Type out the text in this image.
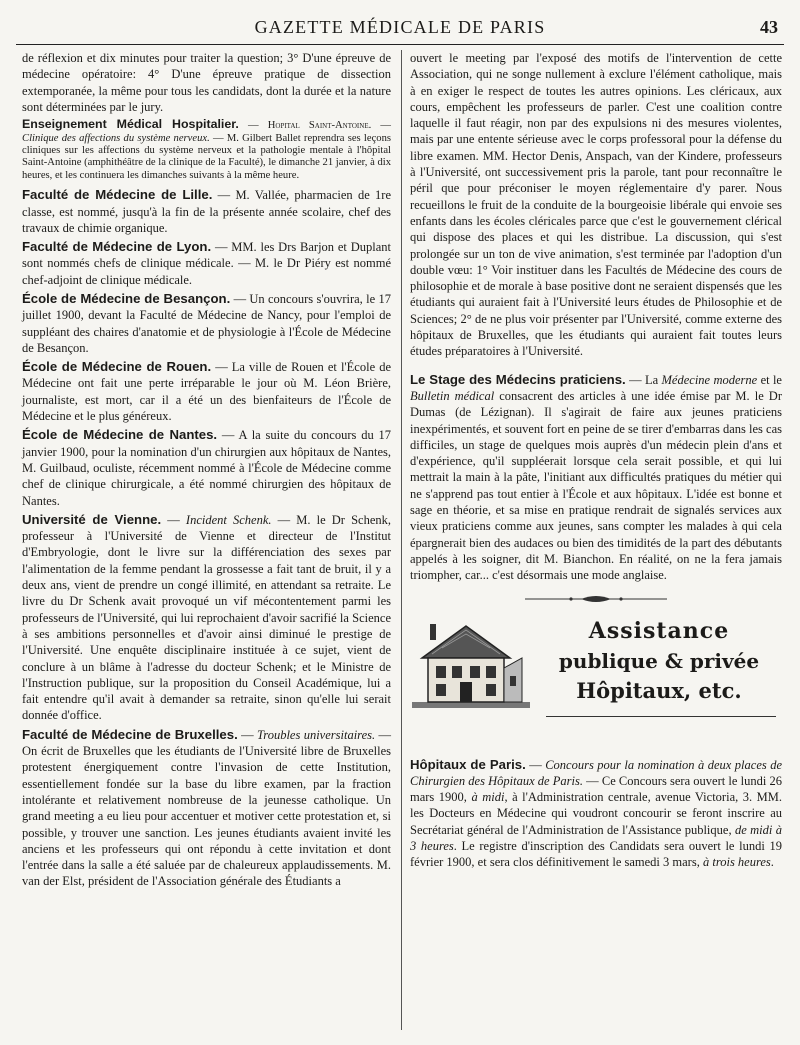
GAZETTE MÉDICALE DE PARIS	43

de réflexion et dix minutes pour traiter la question; 3° D'une épreuve de médecine opératoire: 4° D'une épreuve pratique de dissection extemporanée, la même pour tous les candidats, dont la durée et la nature sont déterminées par le jury.

Enseignement Médical Hospitalier. — Hopital Saint-Antoine. — Clinique des affections du système nerveux. — M. Gilbert Ballet reprendra ses leçons cliniques sur les affections du système nerveux et la pathologie mentale à l'hôpital Saint-Antoine (amphithéâtre de la clinique de la Faculté), le dimanche 21 janvier, à dix heures, et les continuera les dimanches suivants à la même heure.

Faculté de Médecine de Lille. — M. Vallée, pharmacien de 1re classe, est nommé, jusqu'à la fin de la présente année scolaire, chef des travaux de chimie organique.

Faculté de Médecine de Lyon. — MM. les Drs Barjon et Duplant sont nommés chefs de clinique médicale. — M. le Dr Piéry est nommé chef-adjoint de clinique médicale.

École de Médecine de Besançon. — Un concours s'ouvrira, le 17 juillet 1900, devant la Faculté de Médecine de Nancy, pour l'emploi de suppléant des chaires d'anatomie et de physiologie à l'École de Médecine de Besançon.

École de Médecine de Rouen. — La ville de Rouen et l'École de Médecine ont fait une perte irréparable le jour où M. Léon Brière, journaliste, est mort, car il a été un des bienfaiteurs de l'École de Médecine et le plus généreux.

École de Médecine de Nantes. — A la suite du concours du 17 janvier 1900, pour la nomination d'un chirurgien aux hôpitaux de Nantes, M. Guilbaud, oculiste, récemment nommé à l'École de Médecine comme chef de clinique chirurgicale, a été nommé chirurgien des hôpitaux de Nantes.

Université de Vienne. — Incident Schenk. — M. le Dr Schenk, professeur à l'Université de Vienne et directeur de l'Institut d'Embryologie, dont le livre sur la différenciation des sexes par l'alimentation de la femme pendant la grossesse a fait tant de bruit, il y a deux ans, vient de prendre un congé illimité, en attendant sa retraite. Le livre du Dr Schenk avait provoqué un vif mécontentement parmi les professeurs de l'Université, qui lui reprochaient d'avoir sacrifié la Science à ses ambitions personnelles et d'avoir ainsi diminué le prestige de l'Université. Une enquête disciplinaire instituée à ce sujet, vient de conclure à un blâme à l'adresse du docteur Schenk; et le Ministre de l'Instruction publique, sur la proposition du Conseil Académique, lui a fait entendre qu'il avait à demander sa retraite, sinon qu'elle lui serait donnée d'office.

Faculté de Médecine de Bruxelles. — Troubles universitaires. — On écrit de Bruxelles que les étudiants de l'Université libre de Bruxelles protestent énergiquement contre l'invasion de cette Institution, essentiellement fondée sur la base du libre examen, par la fraction intolérante et relativement nombreuse de la jeunesse catholique. Un grand meeting a eu lieu pour accentuer et motiver cette protestation et, si possible, y trouver une sanction. Les jeunes étudiants avaient invité les anciens et les professeurs qui ont répondu à cette invitation et dont l'entrée dans la salle a été saluée par de chaleureux applaudissements. M. van der Elst, président de l'Association générale des Étudiants a

ouvert le meeting par l'exposé des motifs de l'intervention de cette Association, qui ne songe nullement à exclure l'élément catholique, mais à en exiger le respect de toutes les autres opinions. Les cléricaux, aux cours, empêchent les professeurs de parler. C'est une coalition contre laquelle il faut réagir, non par des expulsions ni des mesures violentes, mais par une entente sérieuse avec le corps professoral pour la défense du libre examen. MM. Hector Denis, Anspach, van der Kindere, professeurs à l'Université, ont successivement pris la parole, tant pour reconnaître le péril que pour préconiser le moyen réglementaire d'y parer. Nous recueillons le fruit de la conduite de la bourgeoisie libérale qui envoie ses enfants dans les écoles cléricales parce que c'est le gouvernement clérical qui dispose des places et qui les distribue. La discussion, qui s'est prolongée sur un ton de vive animation, s'est terminée par l'adoption d'un double vœu: 1° Voir instituer dans les Facultés de Médecine des cours de philosophie et de morale à base positive dont ne seraient dispensés que les étudiants qui auraient fait à l'Université leurs études de Philosophie et de Sciences; 2° de ne plus voir présenter par l'Université, comme externe des hôpitaux de Bruxelles, que les étudiants qui auraient fait toutes leurs études préparatoires à l'Université.

Le Stage des Médecins praticiens. — La Médecine moderne et le Bulletin médical consacrent des articles à une idée émise par M. le Dr Dumas (de Lézignan). Il s'agirait de faire aux jeunes praticiens inexpérimentés, et souvent fort en peine de se tirer d'embarras dans les cas difficiles, un stage de quelques mois auprès d'un médecin plein d'ans et d'expérience, qu'il suppléerait lorsque cela serait possible, et qui lui mettrait la main à la pâte, l'initiant aux difficultés pratiques du métier qui ne s'apprend pas tout entier à l'École et aux hôpitaux. L'idée est bonne et sage en théorie, et sa mise en pratique rendrait de signalés services aux vieux praticiens comme aux jeunes, sans compter les malades à qui cela épargnerait bien des audaces ou bien des timidités de la part des débutants appelés à les soigner, dit M. Bianchon. En réalité, on ne la fera jamais triompher, car... c'est désormais une mode anglaise.

Assistance
publique & privée
Hôpitaux, etc.

Hôpitaux de Paris. — Concours pour la nomination à deux places de Chirurgien des Hôpitaux de Paris. — Ce Concours sera ouvert le lundi 26 mars 1900, à midi, à l'Administration centrale, avenue Victoria, 3. MM. les Docteurs en Médecine qui voudront concourir se feront inscrire au Secrétariat général de l'Administration de l'Assistance publique, de midi à 3 heures. Le registre d'inscription des Candidats sera ouvert le lundi 19 février 1900, et sera clos définitivement le samedi 3 mars, à trois heures.
